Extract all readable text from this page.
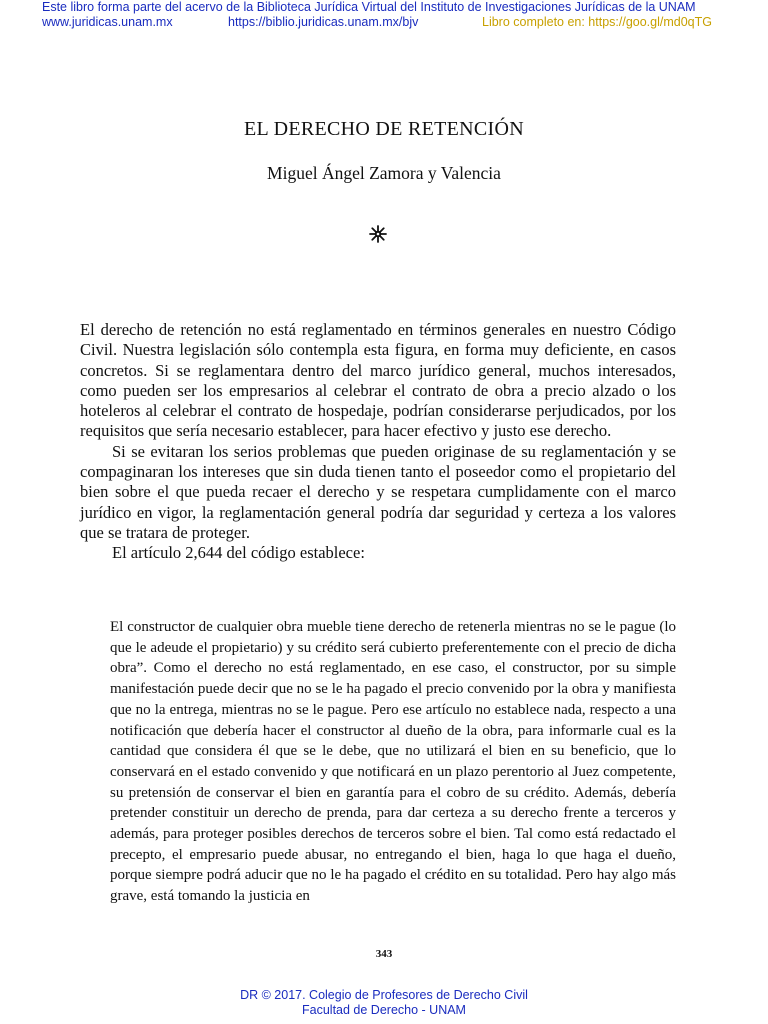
Este libro forma parte del acervo de la Biblioteca Jurídica Virtual del Instituto de Investigaciones Jurídicas de la UNAM
www.juridicas.unam.mx	https://biblio.juridicas.unam.mx/bjv	Libro completo en: https://goo.gl/md0qTG
EL DERECHO DE RETENCIÓN
Miguel Ángel Zamora y Valencia

El derecho de retención no está reglamentado en términos generales en nuestro Código Civil. Nuestra legislación sólo contempla esta figura, en forma muy deficiente, en casos concretos. Si se reglamentara dentro del marco jurídico general, muchos interesados, como pueden ser los empresarios al celebrar el contrato de obra a precio alzado o los hoteleros al celebrar el contrato de hospedaje, podrían considerarse perjudicados, por los requisitos que sería necesario establecer, para hacer efectivo y justo ese derecho.

Si se evitaran los serios problemas que pueden originase de su reglamentación y se compaginaran los intereses que sin duda tienen tanto el poseedor como el propietario del bien sobre el que pueda recaer el derecho y se respetara cumplidamente con el marco jurídico en vigor, la reglamentación general podría dar seguridad y certeza a los valores que se tratara de proteger.

El artículo 2,644 del código establece:

El constructor de cualquier obra mueble tiene derecho de retenerla mientras no se le pague (lo que le adeude el propietario) y su crédito será cubierto preferentemente con el precio de dicha obra”. Como el derecho no está reglamentado, en ese caso, el constructor, por su simple manifestación puede decir que no se le ha pagado el precio convenido por la obra y manifiesta que no la entrega, mientras no se le pague. Pero ese artículo no establece nada, respecto a una notificación que debería hacer el constructor al dueño de la obra, para informarle cual es la cantidad que considera él que se le debe, que no utilizará el bien en su beneficio, que lo conservará en el estado convenido y que notificará en un plazo perentorio al Juez competente, su pretensión de conservar el bien en garantía para el cobro de su crédito. Además, debería pretender constituir un derecho de prenda, para dar certeza a su derecho frente a terceros y además, para proteger posibles derechos de terceros sobre el bien. Tal como está redactado el precepto, el empresario puede abusar, no entregando el bien, haga lo que haga el dueño, porque siempre podrá aducir que no le ha pagado el crédito en su totalidad. Pero hay algo más grave, está tomando la justicia en

343
DR © 2017. Colegio de Profesores de Derecho Civil
Facultad de Derecho - UNAM
